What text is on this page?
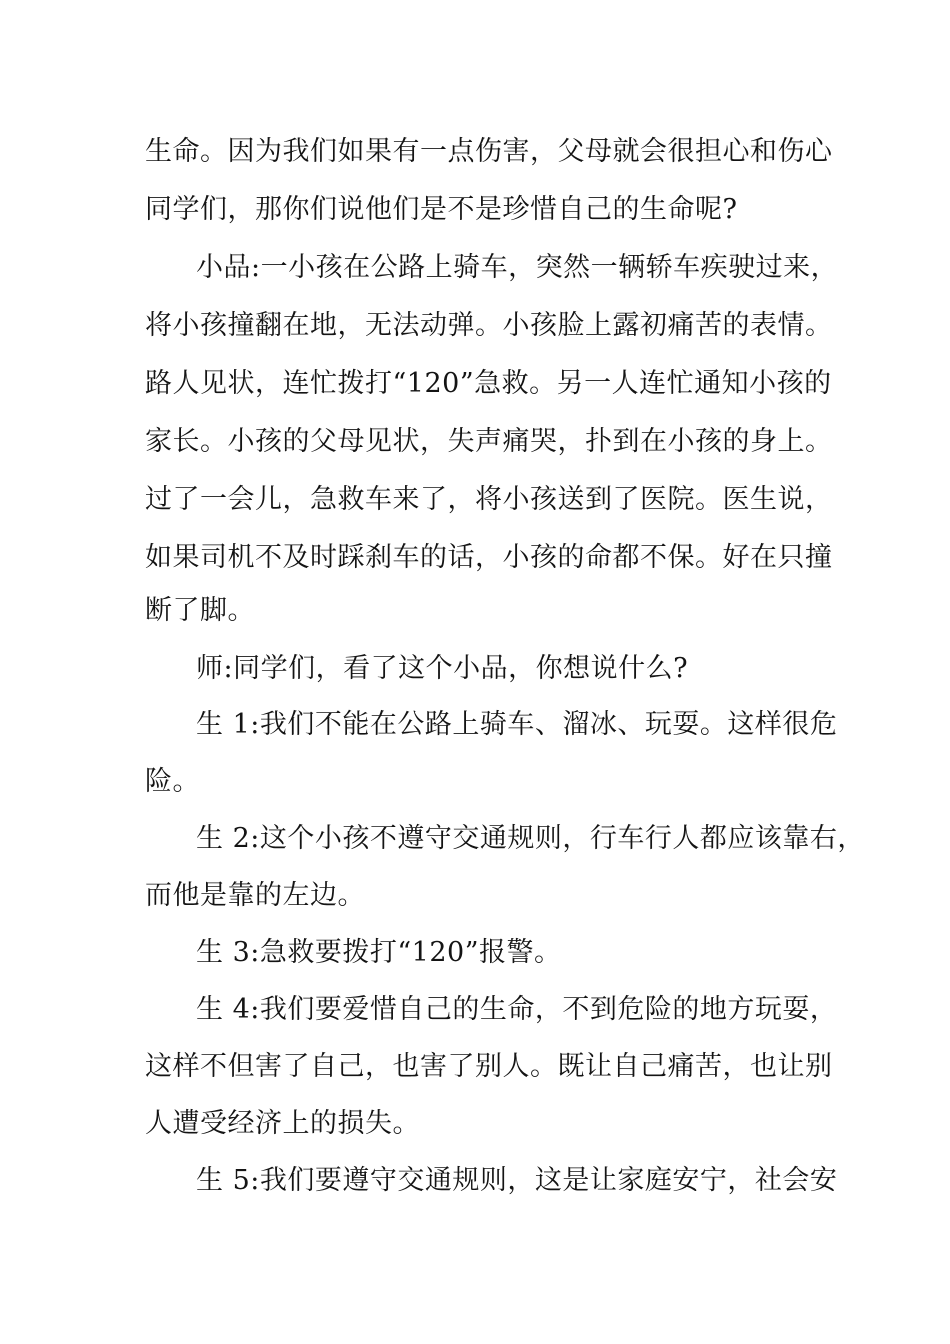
生命。因为我们如果有一点伤害，父母就会很担心和伤心
同学们，那你们说他们是不是珍惜自己的生命呢?
小品:一小孩在公路上骑车，突然一辆轿车疾驶过来，
将小孩撞翻在地，无法动弹。小孩脸上露初痛苦的表情。
路人见状，连忙拨打“120”急救。另一人连忙通知小孩的
家长。小孩的父母见状，失声痛哭，扑到在小孩的身上。
过了一会儿，急救车来了，将小孩送到了医院。医生说，
如果司机不及时踩刹车的话，小孩的命都不保。好在只撞
断了脚。
师:同学们，看了这个小品，你想说什么?
生 1:我们不能在公路上骑车、溜冰、玩耍。这样很危
险。
生 2:这个小孩不遵守交通规则，行车行人都应该靠右，
而他是靠的左边。
生 3:急救要拨打“120”报警。
生 4:我们要爱惜自己的生命，不到危险的地方玩耍，
这样不但害了自己，也害了别人。既让自己痛苦，也让别
人遭受经济上的损失。
生 5:我们要遵守交通规则，这是让家庭安宁，社会安
